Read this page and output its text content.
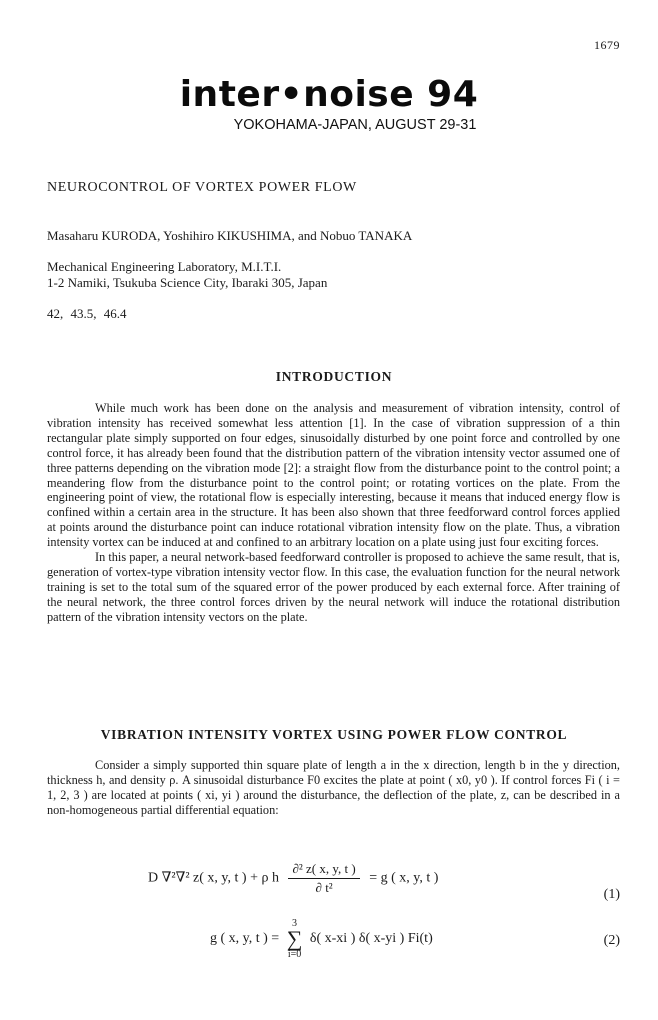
1679
inter•noise 94
YOKOHAMA-JAPAN, AUGUST 29-31
NEUROCONTROL OF VORTEX POWER FLOW
Masaharu KURODA, Yoshihiro KIKUSHIMA, and Nobuo TANAKA
Mechanical Engineering Laboratory, M.I.T.I.
1-2 Namiki, Tsukuba Science City, Ibaraki 305, Japan
42, 43.5, 46.4
INTRODUCTION

While much work has been done on the analysis and measurement of vibration intensity, control of vibration intensity has received somewhat less attention [1]. In the case of vibration suppression of a thin rectangular plate simply supported on four edges, sinusoidally disturbed by one point force and controlled by one control force, it has already been found that the distribution pattern of the vibration intensity vector assumed one of three patterns depending on the vibration mode [2]: a straight flow from the disturbance point to the control point; a meandering flow from the disturbance point to the control point; or rotating vortices on the plate. From the engineering point of view, the rotational flow is especially interesting, because it means that induced energy flow is confined within a certain area in the structure. It has been also shown that three feedforward control forces applied at points around the disturbance point can induce rotational vibration intensity flow on the plate. Thus, a vibration intensity vortex can be induced at and confined to an arbitrary location on a plate using just four exciting forces.

In this paper, a neural network-based feedforward controller is proposed to achieve the same result, that is, generation of vortex-type vibration intensity vector flow. In this case, the evaluation function for the neural network training is set to the total sum of the squared error of the power produced by each external force. After training of the neural network, the three control forces driven by the neural network will induce the rotational distribution pattern of the vibration intensity vectors on the plate.

VIBRATION INTENSITY VORTEX USING POWER FLOW CONTROL

Consider a simply supported thin square plate of length a in the x direction, length b in the y direction, thickness h, and density ρ. A sinusoidal disturbance F0 excites the plate at point ( x0, y0 ). If control forces Fi ( i = 1, 2, 3 ) are located at points ( xi, yi ) around the disturbance, the deflection of the plate, z, can be described in a non-homogeneous partial differential equation:

D ∇²∇² z( x, y, t ) + ρ h $\frac{\text{∂² z( x, y, t )}}{\text{∂ t²}} = g$ ( x, y, t )
(1)
g ( x, y, t ) =
3
∑
i=0
δ( x-xi ) δ( x-yi ) Fi(t)	(2)
